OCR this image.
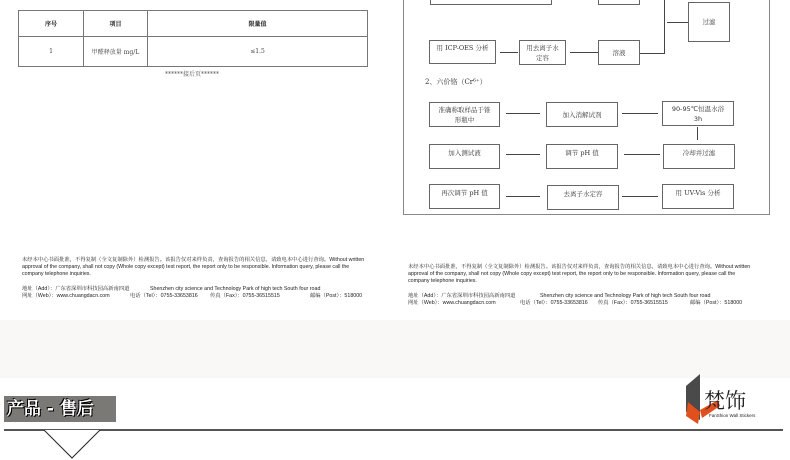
序号	项目	限量值
1	甲醛释放量 mg/L	≤1.5
******接后页******
未经本中心书面批准，不得复制（全文复制除外）检测报告。该报告仅对来样负责，查询报告的相关信息，请致电本中心进行查询。Without written approval of the company, shall not copy (Whole copy except) test report, the report only to be responsible. Information query, please call the company telephone inquiries.
地址（Add）：广东省深圳市科技园高新南四道	Shenzhen city science and Technology Park of high tech South four road
网址（Web）：www.chuangdacn.com	电话（Tel）：0755-33653816 传真（Fax）：0755-36515515	邮编（Post）：518000
过滤
用 ICP-OES 分析	用去离子水定容
溶液
2、六价铬（Cr⁶⁺）
准确称取样品于锥形瓶中
加入消解试剂
90-95℃恒温水浴 3h
加入测试液	调节 pH 值	冷却并过滤
再次调节 pH 值	去离子水定容	用 UV-Vis 分析
未经本中心书面批准，不得复制（全文复制除外）检测报告。该报告仅对来样负责，查询报告的相关信息，请致电本中心进行查询。Without written approval of the company, shall not copy (Whole copy except) test report, the report only to be responsible. Information query, please call the company telephone inquiries.
地址（Add）：广东省深圳市科技园高新南四道	Shenzhen city science and Technology Park of high tech South four road
网址（Web）：www.chuangdacn.com	电话（Tel）：0755-33653816 传真（Fax）：0755-36515515	邮编（Post）：518000
产品 - 售后	梵饰
FanShion Wall Stickers
